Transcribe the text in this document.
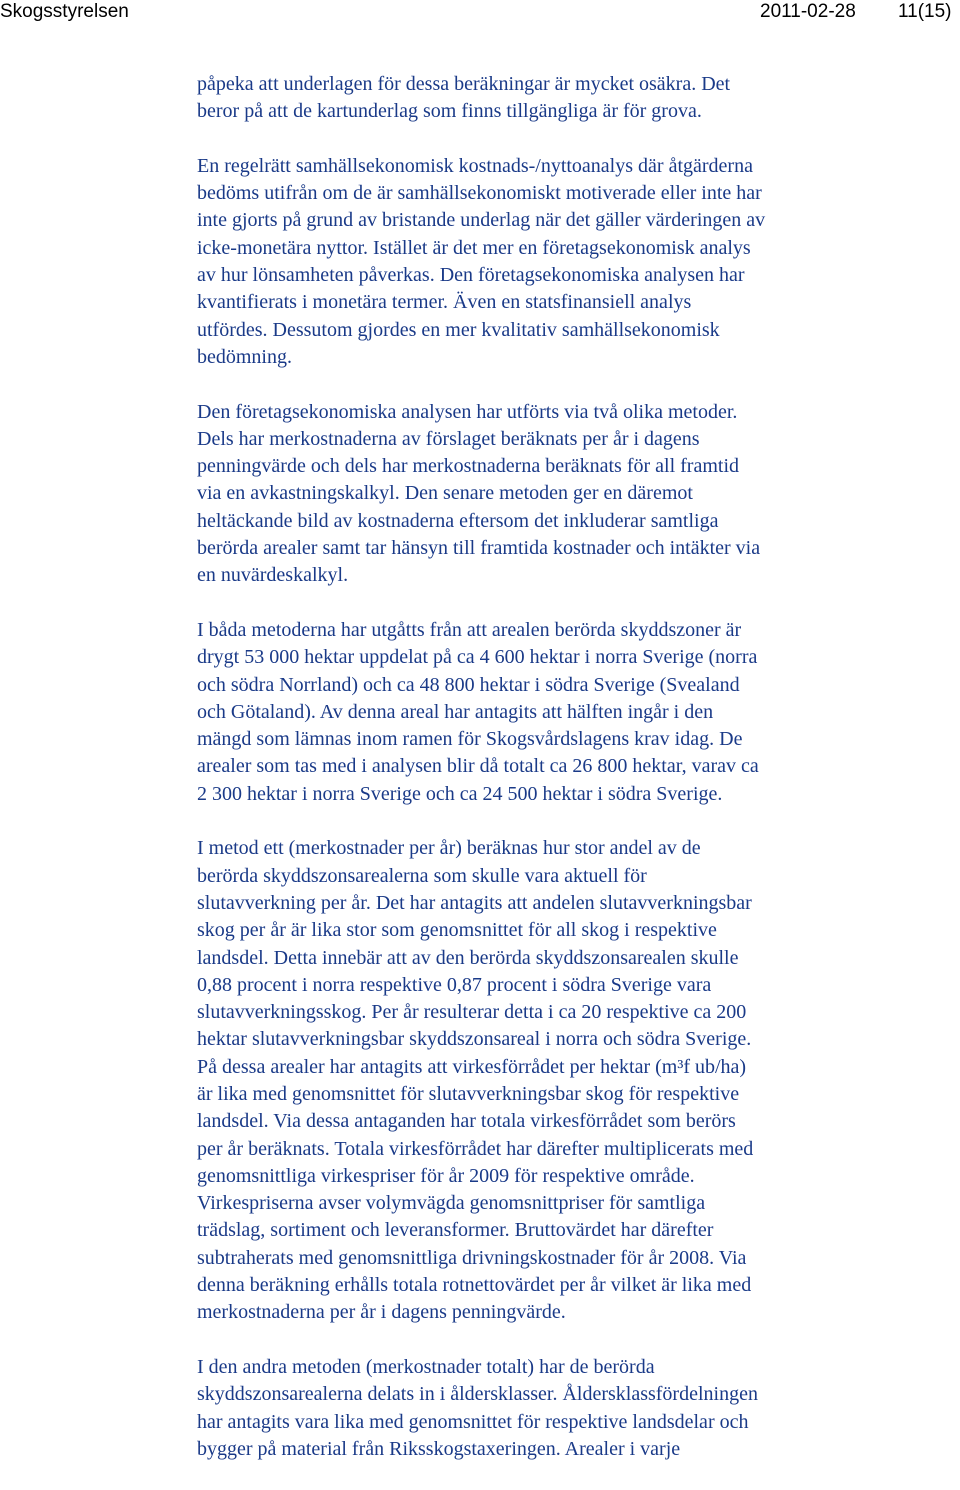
Skogsstyrelsen	2011-02-28 11(15)

påpeka att underlagen för dessa beräkningar är mycket osäkra. Det
beror på att de kartunderlag som finns tillgängliga är för grova.

En regelrätt samhällsekonomisk kostnads-/nyttoanalys där åtgärderna
bedöms utifrån om de är samhällsekonomiskt motiverade eller inte har
inte gjorts på grund av bristande underlag när det gäller värderingen av
icke-monetära nyttor. Istället är det mer en företagsekonomisk analys
av hur lönsamheten påverkas. Den företagsekonomiska analysen har
kvantifierats i monetära termer. Även en statsfinansiell analys
utfördes. Dessutom gjordes en mer kvalitativ samhällsekonomisk
bedömning.

Den företagsekonomiska analysen har utförts via två olika metoder.
Dels har merkostnaderna av förslaget beräknats per år i dagens
penningvärde och dels har merkostnaderna beräknats för all framtid
via en avkastningskalkyl. Den senare metoden ger en däremot
heltäckande bild av kostnaderna eftersom det inkluderar samtliga
berörda arealer samt tar hänsyn till framtida kostnader och intäkter via
en nuvärdeskalkyl.

I båda metoderna har utgåtts från att arealen berörda skyddszoner är
drygt 53 000 hektar uppdelat på ca 4 600 hektar i norra Sverige (norra
och södra Norrland) och ca 48 800 hektar i södra Sverige (Svealand
och Götaland). Av denna areal har antagits att hälften ingår i den
mängd som lämnas inom ramen för Skogsvårdslagens krav idag. De
arealer som tas med i analysen blir då totalt ca 26 800 hektar, varav ca
2 300 hektar i norra Sverige och ca 24 500 hektar i södra Sverige.

I metod ett (merkostnader per år) beräknas hur stor andel av de
berörda skyddszonsarealerna som skulle vara aktuell för
slutavverkning per år. Det har antagits att andelen slutavverkningsbar
skog per år är lika stor som genomsnittet för all skog i respektive
landsdel. Detta innebär att av den berörda skyddszonsarealen skulle
0,88 procent i norra respektive 0,87 procent i södra Sverige vara
slutavverkningsskog. Per år resulterar detta i ca 20 respektive ca 200
hektar slutavverkningsbar skyddszonsareal i norra och södra Sverige.
På dessa arealer har antagits att virkesförrådet per hektar (m³f ub/ha)
är lika med genomsnittet för slutavverkningsbar skog för respektive
landsdel. Via dessa antaganden har totala virkesförrådet som berörs
per år beräknats. Totala virkesförrådet har därefter multiplicerats med
genomsnittliga virkespriser för år 2009 för respektive område.
Virkespriserna avser volymvägda genomsnittpriser för samtliga
trädslag, sortiment och leveransformer. Bruttovärdet har därefter
subtraherats med genomsnittliga drivningskostnader för år 2008. Via
denna beräkning erhålls totala rotnettovärdet per år vilket är lika med
merkostnaderna per år i dagens penningvärde.

I den andra metoden (merkostnader totalt) har de berörda
skyddszonsarealerna delats in i åldersklasser. Åldersklassfördelningen
har antagits vara lika med genomsnittet för respektive landsdelar och
bygger på material från Riksskogstaxeringen. Arealer i varje
